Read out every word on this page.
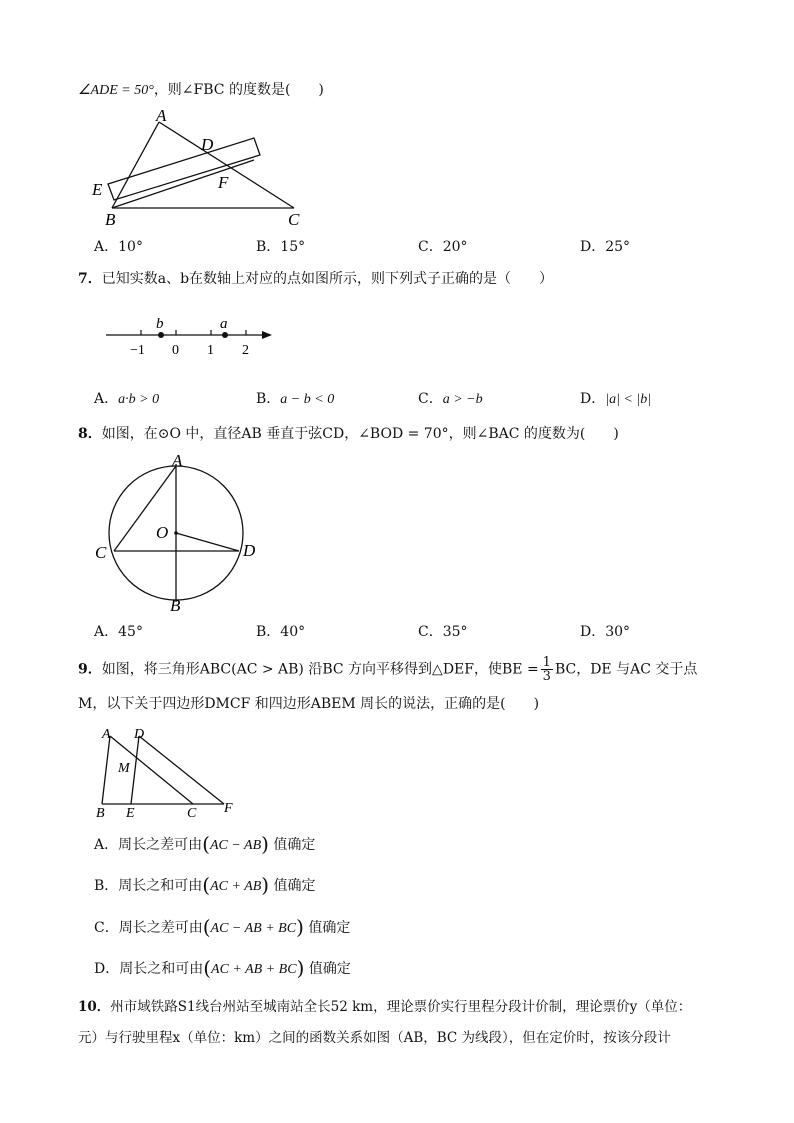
∠ADE = 50°，则∠FBC 的度数是(　　)
A
D
E	F
B	C
A．10°	B．15°	C．20°	D．25°
7．已知实数a、b在数轴上对应的点如图所示，则下列式子正确的是（　　）
b	a
−1 0 1 2
A．a·b > 0	B．a − b < 0	C．a > −b	D．|a| < |b|
8．如图，在⊙O 中，直径AB 垂直于弦CD，∠BOD = 70°，则∠BAC 的度数为(　　)
A
O
C	D
B
A．45°	B．40°	C．35°	D．30°
9．如图，将三角形ABC(AC > AB) 沿BC 方向平移得到△DEF，使BE = $\frac{1}{3}$ BC，DE 与AC 交于点
M，以下关于四边形DMCF 和四边形ABEM 周长的说法，正确的是(　　)
A D
M
B E	C F
A．周长之差可由(AC − AB) 值确定
B．周长之和可由(AC + AB) 值确定
C．周长之差可由(AC − AB + BC) 值确定
D．周长之和可由(AC + AB + BC) 值确定
10．州市域铁路S1线台州站至城南站全长52 km，理论票价实行里程分段计价制，理论票价y（单位：
元）与行驶里程x（单位：km）之间的函数关系如图（AB，BC 为线段），但在定价时，按该分段计
